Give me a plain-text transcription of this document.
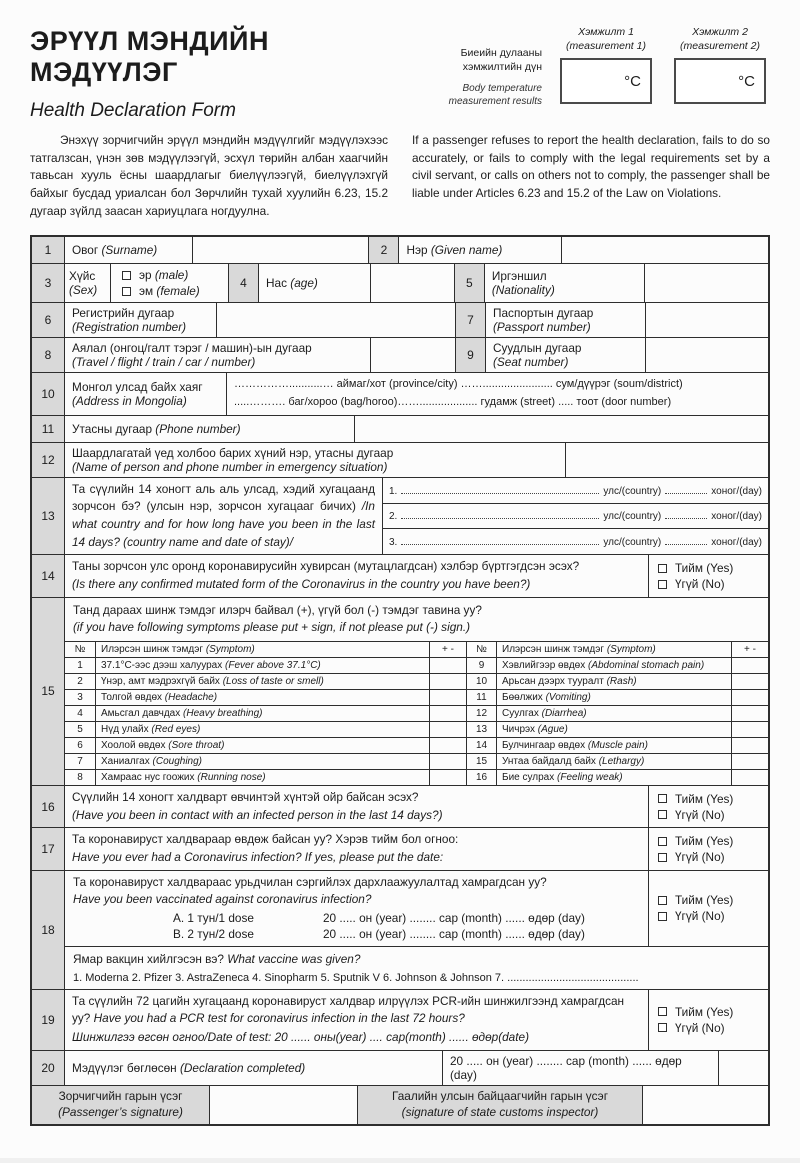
ЭРҮҮЛ МЭНДИЙН МЭДҮҮЛЭГ
Health Declaration Form
Биеийн дулааны хэмжилтийн дүн
Body temperature measurement results
Хэмжилт 1
(measurement 1)
°C
Хэмжилт 2
(measurement 2)
°C

Энэхүү зорчигчийн эрүүл мэндийн мэдүүлгийг мэдүүлэхээс татгалзсан, үнэн зөв мэдүүлээгүй, эсхүл төрийн албан хаагчийн тавьсан хууль ёсны шаардлагыг биелүүлээгүй, биелүүлэхгүй байхыг бусдад уриалсан бол Зөрчлийн тухай хуулийн 6.23, 15.2 дугаар зүйлд заасан хариуцлага ногдуулна.

If a passenger refuses to report the health declaration, fails to do so accurately, or fails to comply with the legal requirements set by a civil servant, or calls on others not to comply, the passenger shall be liable under Articles 6.23 and 15.2 of the Law on Violations.

1	Овог (Surname)	2	Нэр (Given name)
3	Хүйс
(Sex)
эр (male)
эм (female)
4	Нас (age)	5	Иргэншил
(Nationality)
6	Регистрийн дугаар
(Registration number)	7	Паспортын дугаар
(Passport number)
8	Аялал (онгоц/галт тэрэг / машин)-ын дугаар
(Travel / flight / train / car / number)	9	Суудлын дугаар
(Seat number)
10	Монгол улсад байх хаяг
(Address in Mongolia)
……………...........… аймаг/хот (province/city) ……....................... сум/дүүрэг (soum/district)
.....………. баг/хороо (bag/horoo)……................... гудамж (street) ..... тоот (door number)
11	Утасны дугаар (Phone number)
12	Шаардлагатай үед холбоо барих хүний нэр, утасны дугаар
(Name of person and phone number in emergency situation)
13
Та сүүлийн 14 хоногт аль аль улсад, хэдий хугацаанд зорчсон бэ? (улсын нэр, зорчсон хугацааг бичих) /In what country and for how long have you been in the last 14 days? (country name and date of stay)/
1.	улс/(country)	хоног/(day)
2.	улс/(country)	хоног/(day)
3.	улс/(country)	хоног/(day)
14
Таны зорчсон улс оронд коронавирусийн хувирсан (мутацлагдсан) хэлбэр бүртгэгдсэн эсэх?
(Is there any confirmed mutated form of the Coronavirus in the country you have been?)
Тийм (Yes)
Үгүй (No)
15
Танд дараах шинж тэмдэг илэрч байвал (+), үгүй бол (-) тэмдэг тавина уу?
(if you have following symptoms please put + sign, if not please put (-) sign.)
№	Илэрсэн шинж тэмдэг (Symptom)	+ -	№	Илэрсэн шинж тэмдэг (Symptom)	+ -
1	37.1°C-ээс дээш халуурах (Fever above 37.1°C)	9	Хэвлийгээр өвдөх (Abdominal stomach pain)
2	Үнэр, амт мэдрэхгүй байх (Loss of taste or smell)	10	Арьсан дээрх тууралт (Rash)
3	Толгой өвдөх (Headache)	11	Бөөлжих (Vomiting)
4	Амьсгал давчдах (Heavy breathing)	12	Суулгах (Diarrhea)
5	Нүд улайх (Red eyes)	13	Чичрэх (Ague)
6	Хоолой өвдөх (Sore throat)	14	Булчингаар өвдөх (Muscle pain)
7	Ханиалгах (Coughing)	15	Унтаа байдалд байх (Lethargy)
8	Хамраас нус гоожих (Running nose)	16	Бие сулрах (Feeling weak)
16
Сүүлийн 14 хоногт халдварт өвчинтэй хүнтэй ойр байсан эсэх?
(Have you been in contact with an infected person in the last 14 days?)
Тийм (Yes)
Үгүй (No)
17
Та коронавируст халдвараар өвдөж байсан уу? Хэрэв тийм бол огноо:
Have you ever had a Coronavirus infection? If yes, please put the date:
Тийм (Yes)
Үгүй (No)
18
Та коронавируст халдвараас урьдчилан сэргийлэх дархлаажуулалтад хамрагдсан уу?
Have you been vaccinated against coronavirus infection?
A. 1 тун/1 dose	20 ..... он (year) ........ сар (month) ...... өдөр (day)
B. 2 тун/2 dose	20 ..... он (year) ........ сар (month) ...... өдөр (day)
Тийм (Yes)
Үгүй (No)
Ямар вакцин хийлгэсэн вэ? What vaccine was given?
1. Moderna 2. Pfizer 3. AstraZeneca 4. Sinopharm 5. Sputnik V 6. Johnson & Johnson 7. ...........................................
19
Та сүүлийн 72 цагийн хугацаанд коронавируст халдвар илрүүлэх PCR-ийн шинжилгээнд хамрагдсан уу? Have you had a PCR test for coronavirus infection in the last 72 hours?
Шинжилгээ өгсөн огноо/Date of test: 20 ...... оны(year) .... сар(month) ...... өдөр(date)
Тийм (Yes)
Үгүй (No)
20	Мэдүүлэг бөглөсөн (Declaration completed)	20 ..... он (year) ........ сар (month) ...... өдөр (day)
Зорчигчийн гарын үсэг
(Passenger’s signature)
Гаалийн улсын байцаагчийн гарын үсэг
(signature of state customs inspector)
